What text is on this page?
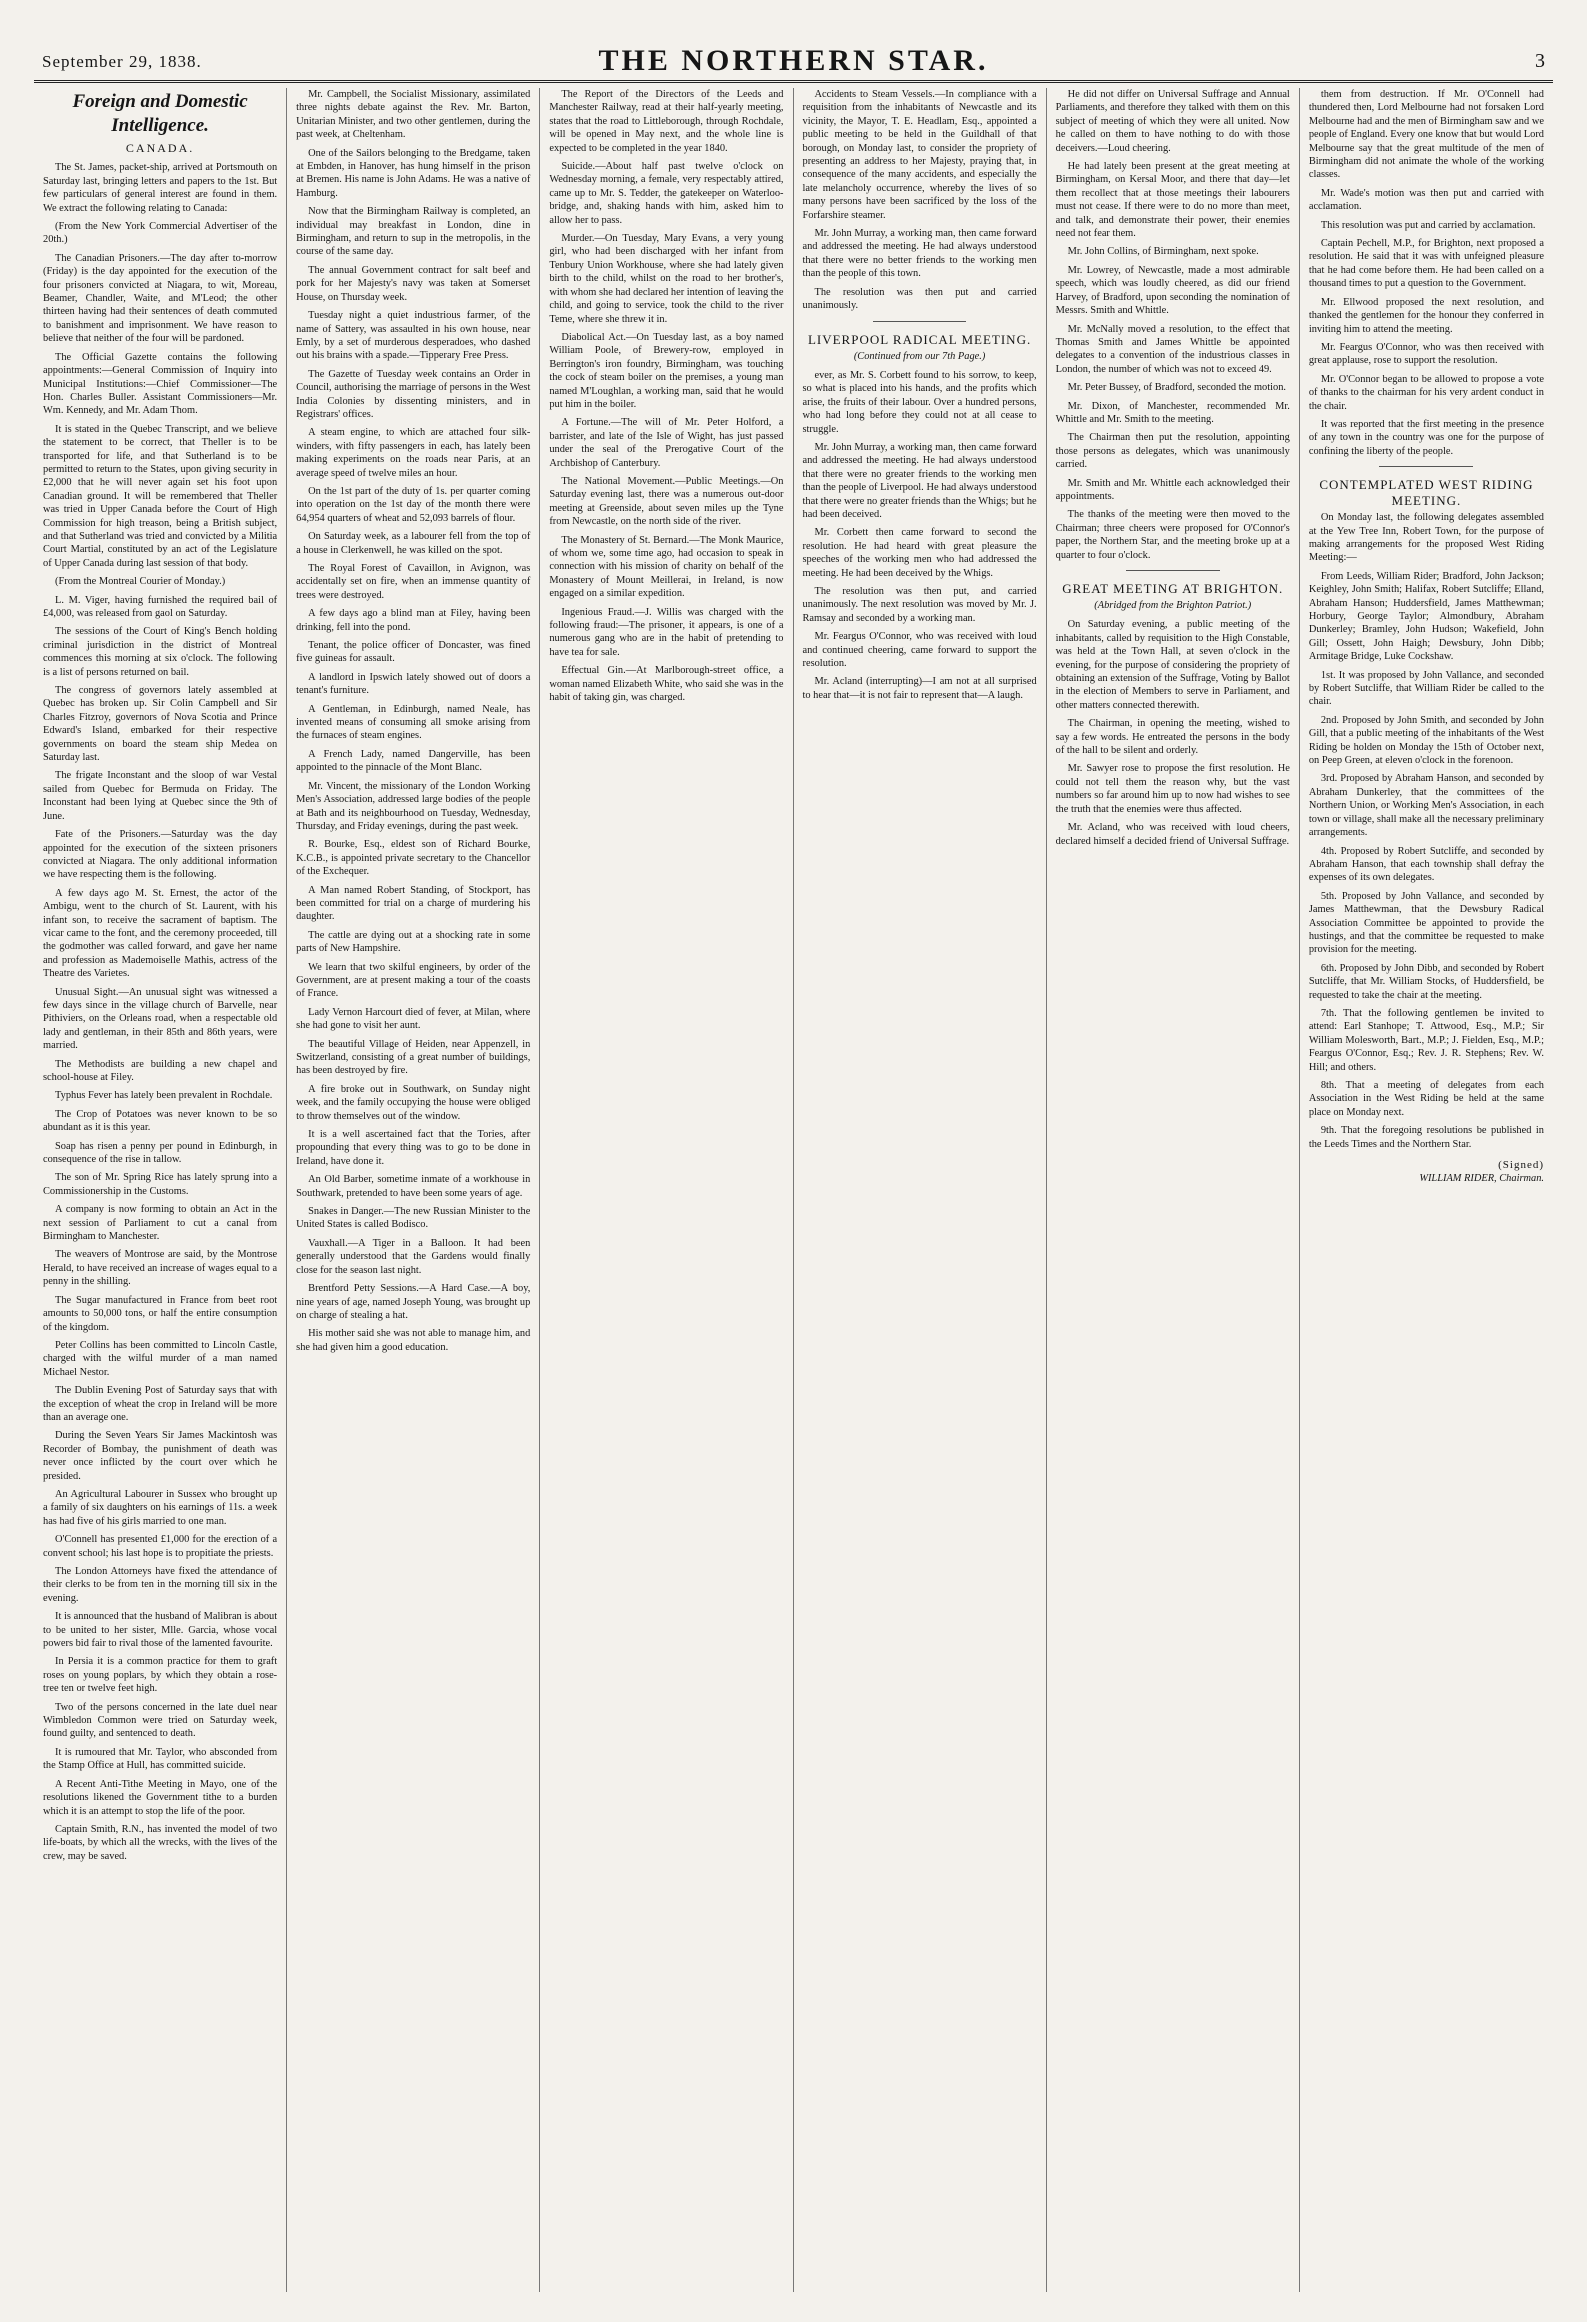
September 29, 1838.	THE NORTHERN STAR.	3
Foreign and Domestic Intelligence.
CANADA.

The St. James, packet-ship, arrived at Portsmouth on Saturday last, bringing letters and papers to the 1st. But few particulars of general interest are found in them. We extract the following relating to Canada:

(From the New York Commercial Advertiser of the 20th.)

The Canadian Prisoners.—The day after to-morrow (Friday) is the day appointed for the execution of the four prisoners convicted at Niagara, to wit, Moreau, Beamer, Chandler, Waite, and M'Leod; the other thirteen having had their sentences of death commuted to banishment and imprisonment. We have reason to believe that neither of the four will be pardoned.

The Official Gazette contains the following appointments:—General Commission of Inquiry into Municipal Institutions:—Chief Commissioner—The Hon. Charles Buller. Assistant Commissioners—Mr. Wm. Kennedy, and Mr. Adam Thom.

It is stated in the Quebec Transcript, and we believe the statement to be correct, that Theller is to be transported for life, and that Sutherland is to be permitted to return to the States, upon giving security in £2,000 that he will never again set his foot upon Canadian ground. It will be remembered that Theller was tried in Upper Canada before the Court of High Commission for high treason, being a British subject, and that Sutherland was tried and convicted by a Militia Court Martial, constituted by an act of the Legislature of Upper Canada during last session of that body.

(From the Montreal Courier of Monday.)

L. M. Viger, having furnished the required bail of £4,000, was released from gaol on Saturday.

The sessions of the Court of King's Bench holding criminal jurisdiction in the district of Montreal commences this morning at six o'clock. The following is a list of persons returned on bail.

The congress of governors lately assembled at Quebec has broken up. Sir Colin Campbell and Sir Charles Fitzroy, governors of Nova Scotia and Prince Edward's Island, embarked for their respective governments on board the steam ship Medea on Saturday last.

The frigate Inconstant and the sloop of war Vestal sailed from Quebec for Bermuda on Friday. The Inconstant had been lying at Quebec since the 9th of June.

Fate of the Prisoners.—Saturday was the day appointed for the execution of the sixteen prisoners convicted at Niagara. The only additional information we have respecting them is the following.

A few days ago M. St. Ernest, the actor of the Ambigu, went to the church of St. Laurent, with his infant son, to receive the sacrament of baptism. The vicar came to the font, and the ceremony proceeded, till the godmother was called forward, and gave her name and profession as Mademoiselle Mathis, actress of the Theatre des Varietes.

Unusual Sight.—An unusual sight was witnessed a few days since in the village church of Barvelle, near Pithiviers, on the Orleans road, when a respectable old lady and gentleman, in their 85th and 86th years, were married.

The Methodists are building a new chapel and school-house at Filey.

Typhus Fever has lately been prevalent in Rochdale.

The Crop of Potatoes was never known to be so abundant as it is this year.

Soap has risen a penny per pound in Edinburgh, in consequence of the rise in tallow.

The son of Mr. Spring Rice has lately sprung into a Commissionership in the Customs.

A company is now forming to obtain an Act in the next session of Parliament to cut a canal from Birmingham to Manchester.

The weavers of Montrose are said, by the Montrose Herald, to have received an increase of wages equal to a penny in the shilling.

The Sugar manufactured in France from beet root amounts to 50,000 tons, or half the entire consumption of the kingdom.

Peter Collins has been committed to Lincoln Castle, charged with the wilful murder of a man named Michael Nestor.

The Dublin Evening Post of Saturday says that with the exception of wheat the crop in Ireland will be more than an average one.

During the Seven Years Sir James Mackintosh was Recorder of Bombay, the punishment of death was never once inflicted by the court over which he presided.

An Agricultural Labourer in Sussex who brought up a family of six daughters on his earnings of 11s. a week has had five of his girls married to one man.

O'Connell has presented £1,000 for the erection of a convent school; his last hope is to propitiate the priests.

The London Attorneys have fixed the attendance of their clerks to be from ten in the morning till six in the evening.

It is announced that the husband of Malibran is about to be united to her sister, Mlle. Garcia, whose vocal powers bid fair to rival those of the lamented favourite.

In Persia it is a common practice for them to graft roses on young poplars, by which they obtain a rose-tree ten or twelve feet high.

Two of the persons concerned in the late duel near Wimbledon Common were tried on Saturday week, found guilty, and sentenced to death.

It is rumoured that Mr. Taylor, who absconded from the Stamp Office at Hull, has committed suicide.

A Recent Anti-Tithe Meeting in Mayo, one of the resolutions likened the Government tithe to a burden which it is an attempt to stop the life of the poor.

Captain Smith, R.N., has invented the model of two life-boats, by which all the wrecks, with the lives of the crew, may be saved.

Mr. Campbell, the Socialist Missionary, assimilated three nights debate against the Rev. Mr. Barton, Unitarian Minister, and two other gentlemen, during the past week, at Cheltenham.

One of the Sailors belonging to the Bredgame, taken at Embden, in Hanover, has hung himself in the prison at Bremen. His name is John Adams. He was a native of Hamburg.

Now that the Birmingham Railway is completed, an individual may breakfast in London, dine in Birmingham, and return to sup in the metropolis, in the course of the same day.

The annual Government contract for salt beef and pork for her Majesty's navy was taken at Somerset House, on Thursday week.

Tuesday night a quiet industrious farmer, of the name of Sattery, was assaulted in his own house, near Emly, by a set of murderous desperadoes, who dashed out his brains with a spade.—Tipperary Free Press.

The Gazette of Tuesday week contains an Order in Council, authorising the marriage of persons in the West India Colonies by dissenting ministers, and in Registrars' offices.

A steam engine, to which are attached four silk-winders, with fifty passengers in each, has lately been making experiments on the roads near Paris, at an average speed of twelve miles an hour.

On the 1st part of the duty of 1s. per quarter coming into operation on the 1st day of the month there were 64,954 quarters of wheat and 52,093 barrels of flour.

On Saturday week, as a labourer fell from the top of a house in Clerkenwell, he was killed on the spot.

The Royal Forest of Cavaillon, in Avignon, was accidentally set on fire, when an immense quantity of trees were destroyed.

A few days ago a blind man at Filey, having been drinking, fell into the pond.

Tenant, the police officer of Doncaster, was fined five guineas for assault.

A landlord in Ipswich lately showed out of doors a tenant's furniture.

A Gentleman, in Edinburgh, named Neale, has invented means of consuming all smoke arising from the furnaces of steam engines.

A French Lady, named Dangerville, has been appointed to the pinnacle of the Mont Blanc.

Mr. Vincent, the missionary of the London Working Men's Association, addressed large bodies of the people at Bath and its neighbourhood on Tuesday, Wednesday, Thursday, and Friday evenings, during the past week.

R. Bourke, Esq., eldest son of Richard Bourke, K.C.B., is appointed private secretary to the Chancellor of the Exchequer.

A Man named Robert Standing, of Stockport, has been committed for trial on a charge of murdering his daughter.

The cattle are dying out at a shocking rate in some parts of New Hampshire.

We learn that two skilful engineers, by order of the Government, are at present making a tour of the coasts of France.

Lady Vernon Harcourt died of fever, at Milan, where she had gone to visit her aunt.

The beautiful Village of Heiden, near Appenzell, in Switzerland, consisting of a great number of buildings, has been destroyed by fire.

A fire broke out in Southwark, on Sunday night week, and the family occupying the house were obliged to throw themselves out of the window.

It is a well ascertained fact that the Tories, after propounding that every thing was to go to be done in Ireland, have done it.

An Old Barber, sometime inmate of a workhouse in Southwark, pretended to have been some years of age.

Snakes in Danger.—The new Russian Minister to the United States is called Bodisco.

Vauxhall.—A Tiger in a Balloon. It had been generally understood that the Gardens would finally close for the season last night.

Brentford Petty Sessions.—A Hard Case.—A boy, nine years of age, named Joseph Young, was brought up on charge of stealing a hat.

His mother said she was not able to manage him, and she had given him a good education.

The Report of the Directors of the Leeds and Manchester Railway, read at their half-yearly meeting, states that the road to Littleborough, through Rochdale, will be opened in May next, and the whole line is expected to be completed in the year 1840.

Suicide.—About half past twelve o'clock on Wednesday morning, a female, very respectably attired, came up to Mr. S. Tedder, the gatekeeper on Waterloo-bridge, and, shaking hands with him, asked him to allow her to pass.

Murder.—On Tuesday, Mary Evans, a very young girl, who had been discharged with her infant from Tenbury Union Workhouse, where she had lately given birth to the child, whilst on the road to her brother's, with whom she had declared her intention of leaving the child, and going to service, took the child to the river Teme, where she threw it in.

Diabolical Act.—On Tuesday last, as a boy named William Poole, of Brewery-row, employed in Berrington's iron foundry, Birmingham, was touching the cock of steam boiler on the premises, a young man named M'Loughlan, a working man, said that he would put him in the boiler.

A Fortune.—The will of Mr. Peter Holford, a barrister, and late of the Isle of Wight, has just passed under the seal of the Prerogative Court of the Archbishop of Canterbury.

The National Movement.—Public Meetings.—On Saturday evening last, there was a numerous out-door meeting at Greenside, about seven miles up the Tyne from Newcastle, on the north side of the river.

The Monastery of St. Bernard.—The Monk Maurice, of whom we, some time ago, had occasion to speak in connection with his mission of charity on behalf of the Monastery of Mount Meillerai, in Ireland, is now engaged on a similar expedition.

Ingenious Fraud.—J. Willis was charged with the following fraud:—The prisoner, it appears, is one of a numerous gang who are in the habit of pretending to have tea for sale.

Effectual Gin.—At Marlborough-street office, a woman named Elizabeth White, who said she was in the habit of taking gin, was charged.

Accidents to Steam Vessels.—In compliance with a requisition from the inhabitants of Newcastle and its vicinity, the Mayor, T. E. Headlam, Esq., appointed a public meeting to be held in the Guildhall of that borough, on Monday last, to consider the propriety of presenting an address to her Majesty, praying that, in consequence of the many accidents, and especially the late melancholy occurrence, whereby the lives of so many persons have been sacrificed by the loss of the Forfarshire steamer.

Mr. John Murray, a working man, then came forward and addressed the meeting. He had always understood that there were no better friends to the working men than the people of this town.

The resolution was then put and carried unanimously.

LIVERPOOL RADICAL MEETING.
(Continued from our 7th Page.)

ever, as Mr. S. Corbett found to his sorrow, to keep, so what is placed into his hands, and the profits which arise, the fruits of their labour. Over a hundred persons, who had long before they could not at all cease to struggle.

Mr. John Murray, a working man, then came forward and addressed the meeting. He had always understood that there were no greater friends to the working men than the people of Liverpool. He had always understood that there were no greater friends than the Whigs; but he had been deceived.

Mr. Corbett then came forward to second the resolution. He had heard with great pleasure the speeches of the working men who had addressed the meeting. He had been deceived by the Whigs.

The resolution was then put, and carried unanimously. The next resolution was moved by Mr. J. Ramsay and seconded by a working man.

Mr. Feargus O'Connor, who was received with loud and continued cheering, came forward to support the resolution.

Mr. Acland (interrupting)—I am not at all surprised to hear that—it is not fair to represent that—A laugh.

He did not differ on Universal Suffrage and Annual Parliaments, and therefore they talked with them on this subject of meeting of which they were all united. Now he called on them to have nothing to do with those deceivers.—Loud cheering.

He had lately been present at the great meeting at Birmingham, on Kersal Moor, and there that day—let them recollect that at those meetings their labourers must not cease. If there were to do no more than meet, and talk, and demonstrate their power, their enemies need not fear them.

Mr. John Collins, of Birmingham, next spoke.

Mr. Lowrey, of Newcastle, made a most admirable speech, which was loudly cheered, as did our friend Harvey, of Bradford, upon seconding the nomination of Messrs. Smith and Whittle.

Mr. McNally moved a resolution, to the effect that Thomas Smith and James Whittle be appointed delegates to a convention of the industrious classes in London, the number of which was not to exceed 49.

Mr. Peter Bussey, of Bradford, seconded the motion.

Mr. Dixon, of Manchester, recommended Mr. Whittle and Mr. Smith to the meeting.

The Chairman then put the resolution, appointing those persons as delegates, which was unanimously carried.

Mr. Smith and Mr. Whittle each acknowledged their appointments.

The thanks of the meeting were then moved to the Chairman; three cheers were proposed for O'Connor's paper, the Northern Star, and the meeting broke up at a quarter to four o'clock.

GREAT MEETING AT BRIGHTON.
(Abridged from the Brighton Patriot.)

On Saturday evening, a public meeting of the inhabitants, called by requisition to the High Constable, was held at the Town Hall, at seven o'clock in the evening, for the purpose of considering the propriety of obtaining an extension of the Suffrage, Voting by Ballot in the election of Members to serve in Parliament, and other matters connected therewith.

The Chairman, in opening the meeting, wished to say a few words. He entreated the persons in the body of the hall to be silent and orderly.

Mr. Sawyer rose to propose the first resolution. He could not tell them the reason why, but the vast numbers so far around him up to now had wishes to see the truth that the enemies were thus affected.

Mr. Acland, who was received with loud cheers, declared himself a decided friend of Universal Suffrage.

them from destruction. If Mr. O'Connell had thundered then, Lord Melbourne had not forsaken Lord Melbourne had and the men of Birmingham saw and we people of England. Every one know that but would Lord Melbourne say that the great multitude of the men of Birmingham did not animate the whole of the working classes.

Mr. Wade's motion was then put and carried with acclamation.

This resolution was put and carried by acclamation.

Captain Pechell, M.P., for Brighton, next proposed a resolution. He said that it was with unfeigned pleasure that he had come before them. He had been called on a thousand times to put a question to the Government.

Mr. Ellwood proposed the next resolution, and thanked the gentlemen for the honour they conferred in inviting him to attend the meeting.

Mr. Feargus O'Connor, who was then received with great applause, rose to support the resolution.

Mr. O'Connor began to be allowed to propose a vote of thanks to the chairman for his very ardent conduct in the chair.

It was reported that the first meeting in the presence of any town in the country was one for the purpose of confining the liberty of the people.

CONTEMPLATED WEST RIDING MEETING.

On Monday last, the following delegates assembled at the Yew Tree Inn, Robert Town, for the purpose of making arrangements for the proposed West Riding Meeting:—

From Leeds, William Rider; Bradford, John Jackson; Keighley, John Smith; Halifax, Robert Sutcliffe; Elland, Abraham Hanson; Huddersfield, James Matthewman; Horbury, George Taylor; Almondbury, Abraham Dunkerley; Bramley, John Hudson; Wakefield, John Gill; Ossett, John Haigh; Dewsbury, John Dibb; Armitage Bridge, Luke Cockshaw.

1st. It was proposed by John Vallance, and seconded by Robert Sutcliffe, that William Rider be called to the chair.

2nd. Proposed by John Smith, and seconded by John Gill, that a public meeting of the inhabitants of the West Riding be holden on Monday the 15th of October next, on Peep Green, at eleven o'clock in the forenoon.

3rd. Proposed by Abraham Hanson, and seconded by Abraham Dunkerley, that the committees of the Northern Union, or Working Men's Association, in each town or village, shall make all the necessary preliminary arrangements.

4th. Proposed by Robert Sutcliffe, and seconded by Abraham Hanson, that each township shall defray the expenses of its own delegates.

5th. Proposed by John Vallance, and seconded by James Matthewman, that the Dewsbury Radical Association Committee be appointed to provide the hustings, and that the committee be requested to make provision for the meeting.

6th. Proposed by John Dibb, and seconded by Robert Sutcliffe, that Mr. William Stocks, of Huddersfield, be requested to take the chair at the meeting.

7th. That the following gentlemen be invited to attend: Earl Stanhope; T. Attwood, Esq., M.P.; Sir William Molesworth, Bart., M.P.; J. Fielden, Esq., M.P.; Feargus O'Connor, Esq.; Rev. J. R. Stephens; Rev. W. Hill; and others.

8th. That a meeting of delegates from each Association in the West Riding be held at the same place on Monday next.

9th. That the foregoing resolutions be published in the Leeds Times and the Northern Star.

(Signed)
WILLIAM RIDER, Chairman.
